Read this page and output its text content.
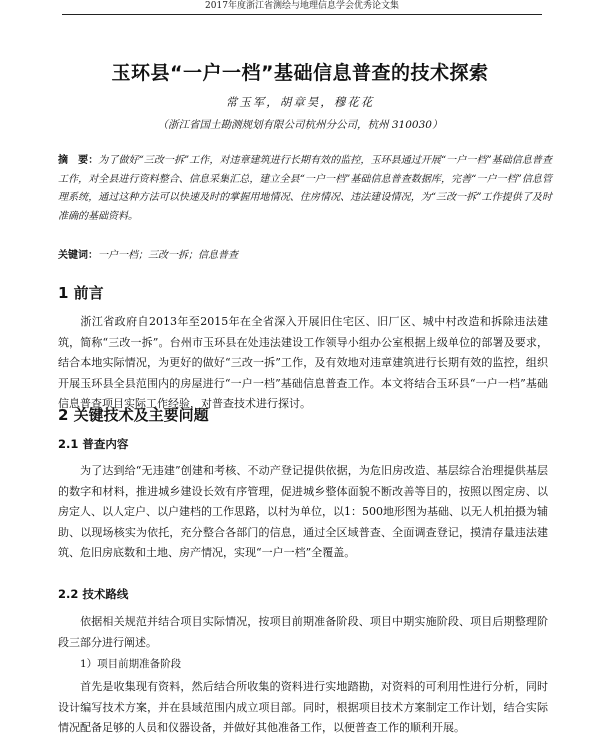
2017年度浙江省测绘与地理信息学会优秀论文集
玉环县“一户一档”基础信息普查的技术探索
常玉军，胡章昊，穆花花
（浙江省国土勘测规划有限公司杭州分公司，杭州 310030）
摘　要：为了做好“三改一拆”工作，对违章建筑进行长期有效的监控，玉环县通过开展“一户一档”基础信息普查工作，对全县进行资料整合、信息采集汇总，建立全县“一户一档”基础信息普查数据库，完善“一户一档”信息管理系统，通过这种方法可以快速及时的掌握用地情况、住房情况、违法建设情况，为“三改一拆”工作提供了及时准确的基础资料。
关键词：一户一档；三改一拆；信息普查
1 前言
浙江省政府自2013年至2015年在全省深入开展旧住宅区、旧厂区、城中村改造和拆除违法建筑，简称“三改一拆”。台州市玉环县在处违法建设工作领导小组办公室根据上级单位的部署及要求，结合本地实际情况，为更好的做好“三改一拆”工作，及有效地对违章建筑进行长期有效的监控，组织开展玉环县全县范围内的房屋进行“一户一档”基础信息普查工作。本文将结合玉环县“一户一档”基础信息普查项目实际工作经验，对普查技术进行探讨。
2 关键技术及主要问题
2.1 普查内容
为了达到给“无违建”创建和考核、不动产登记提供依据，为危旧房改造、基层综合治理提供基层的数字和材料，推进城乡建设长效有序管理，促进城乡整体面貌不断改善等目的，按照以图定房、以房定人、以人定户、以户建档的工作思路，以村为单位，以1：500地形图为基础、以无人机拍摄为辅助、以现场核实为依托，充分整合各部门的信息，通过全区域普查、全面调查登记，摸清存量违法建筑、危旧房底数和土地、房产情况，实现“一户一档”全覆盖。
2.2 技术路线
依据相关规范并结合项目实际情况，按项目前期准备阶段、项目中期实施阶段、项目后期整理阶段三部分进行阐述。
1）项目前期准备阶段
首先是收集现有资料，然后结合所收集的资料进行实地踏勘，对资料的可利用性进行分析，同时设计编写技术方案，并在县域范围内成立项目部。同时，根据项目技术方案制定工作计划，结合实际情况配备足够的人员和仪器设备，并做好其他准备工作，以便普查工作的顺利开展。
